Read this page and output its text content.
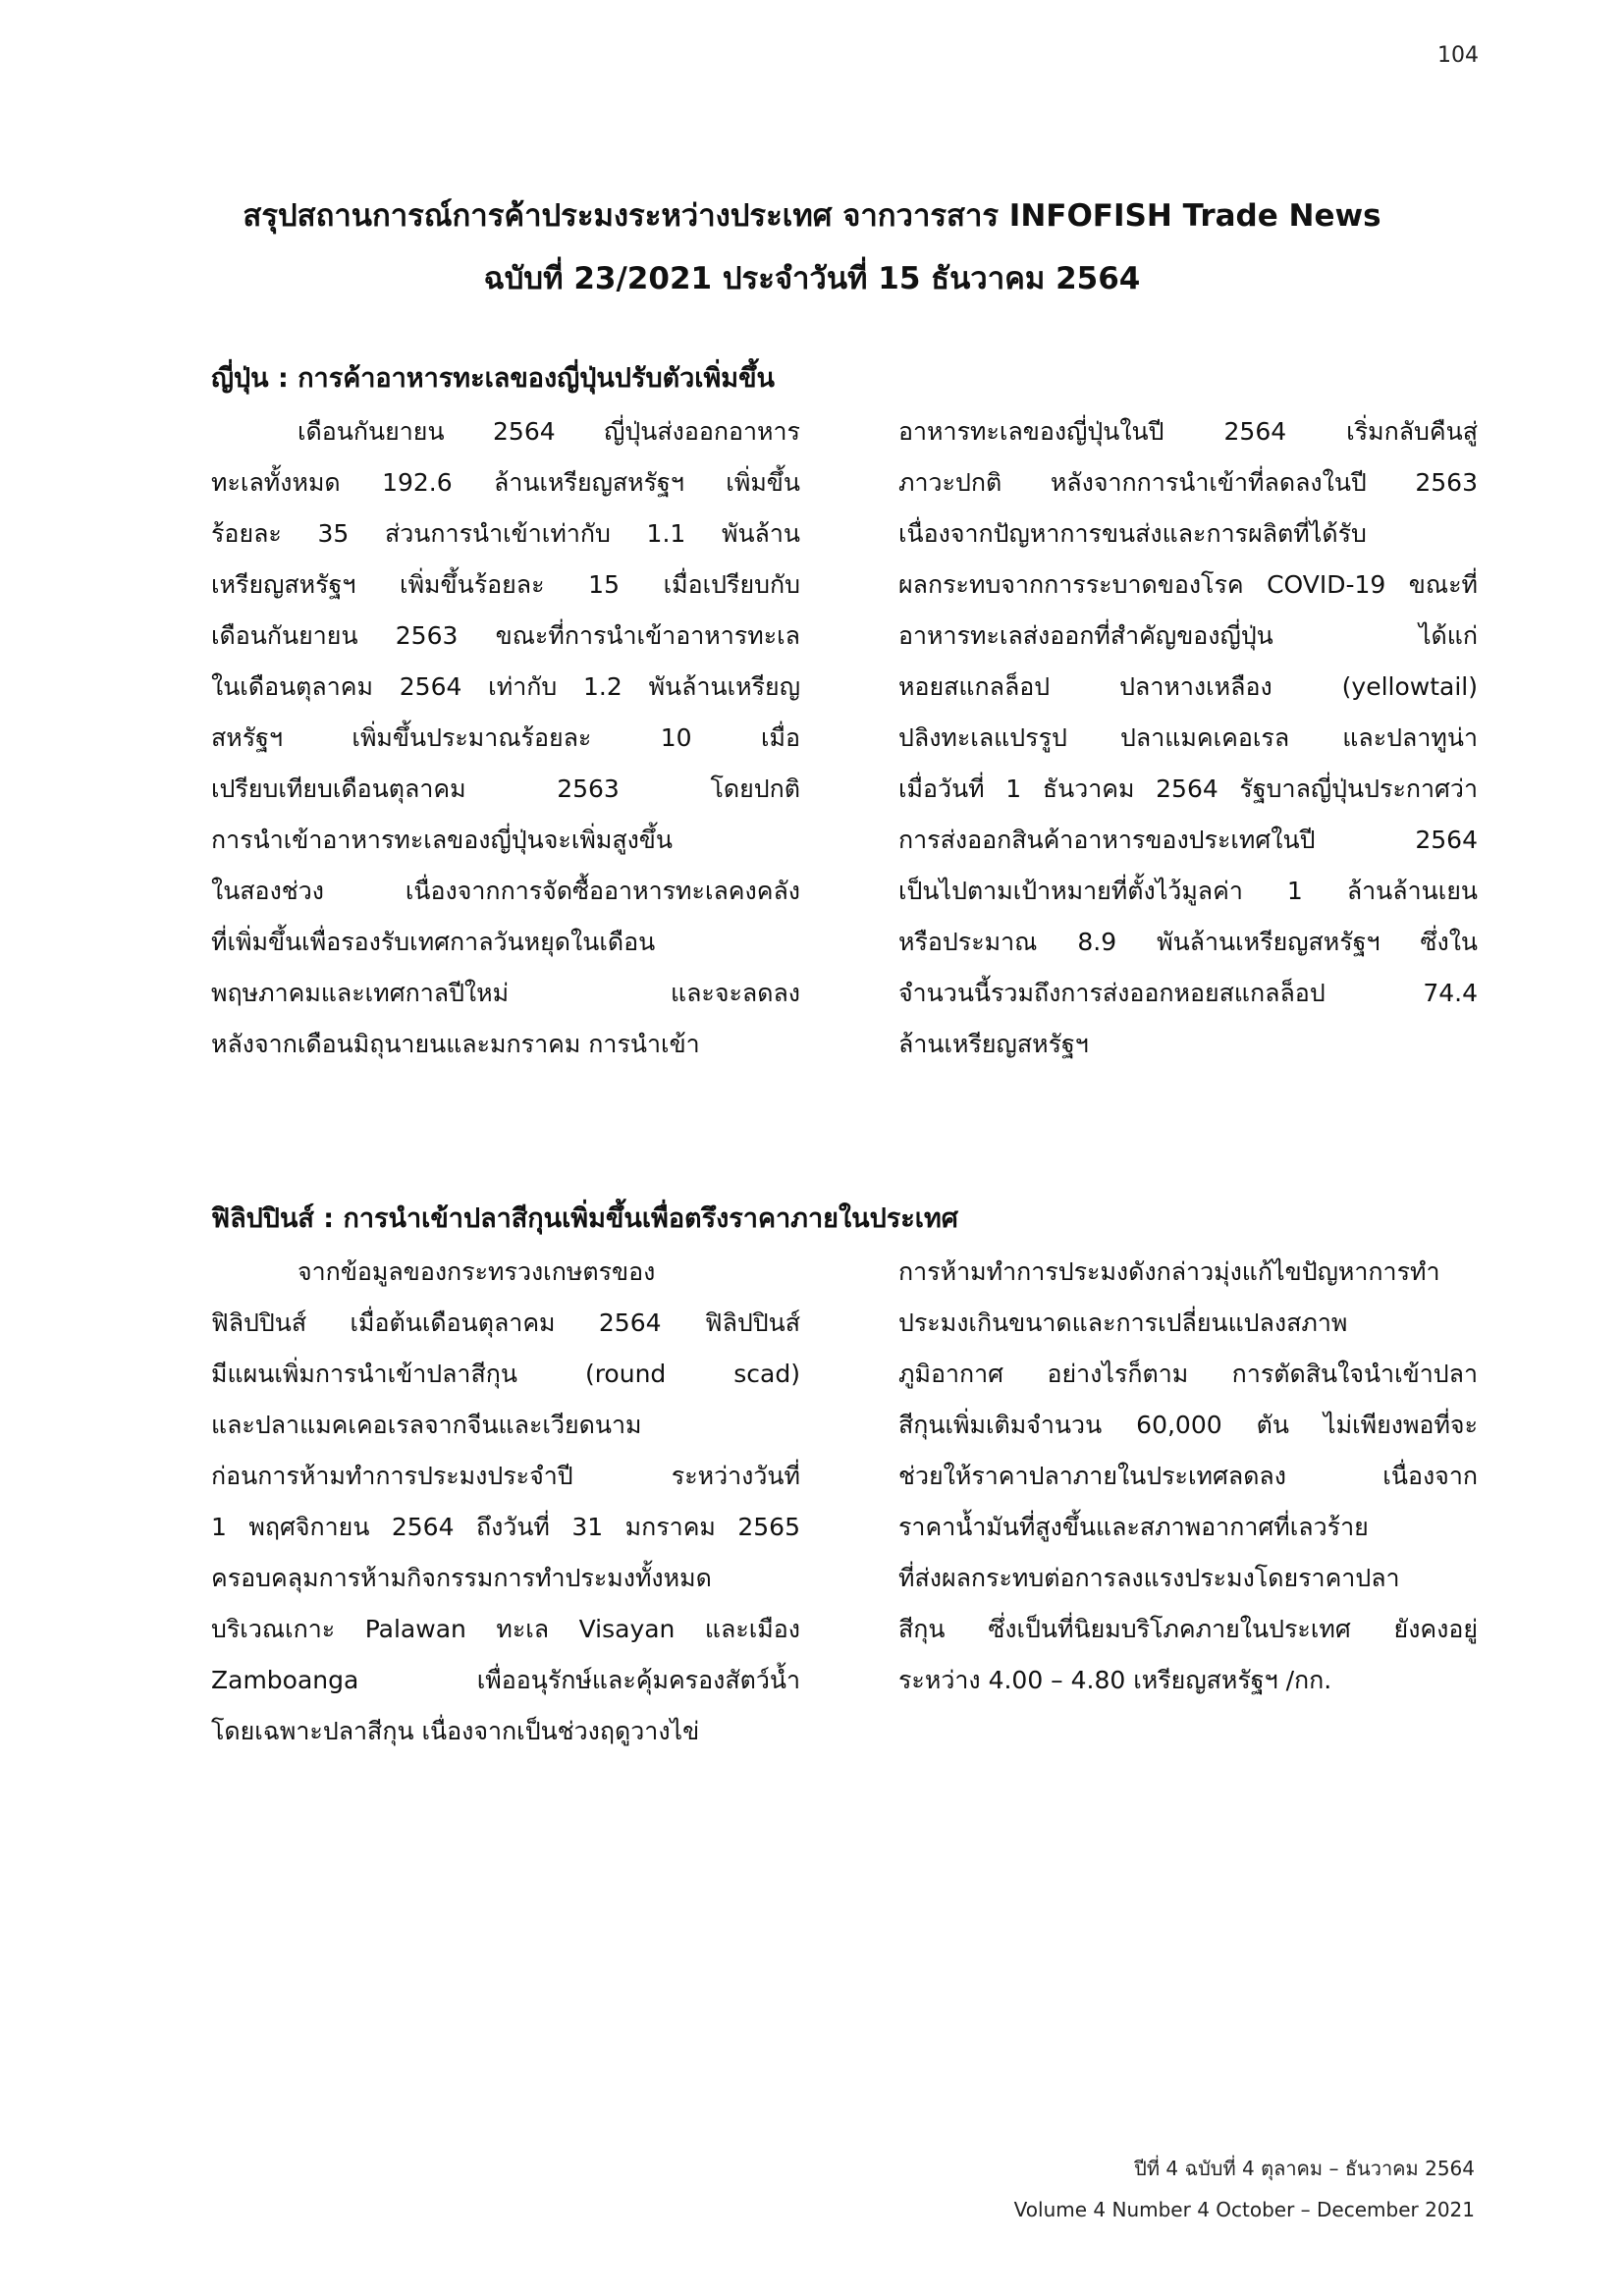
104
สรุปสถานการณ์การค้าประมงระหว่างประเทศ จากวารสาร INFOFISH Trade News
ฉบับที่ 23/2021 ประจำวันที่ 15 ธันวาคม 2564
ญี่ปุ่น : การค้าอาหารทะเลของญี่ปุ่นปรับตัวเพิ่มขึ้น
เดือนกันยายน 2564 ญี่ปุ่นส่งออกอาหาร
ทะเลทั้งหมด 192.6 ล้านเหรียญสหรัฐฯ เพิ่มขึ้น
ร้อยละ 35 ส่วนการนำเข้าเท่ากับ 1.1 พันล้าน
เหรียญสหรัฐฯ เพิ่มขึ้นร้อยละ 15 เมื่อเปรียบกับ
เดือนกันยายน 2563 ขณะที่การนำเข้าอาหารทะเล
ในเดือนตุลาคม 2564 เท่ากับ 1.2 พันล้านเหรียญ
สหรัฐฯ เพิ่มขึ้นประมาณร้อยละ 10 เมื่อ
เปรียบเทียบเดือนตุลาคม 2563 โดยปกติ
การนำเข้าอาหารทะเลของญี่ปุ่นจะเพิ่มสูงขึ้น
ในสองช่วง เนื่องจากการจัดซื้ออาหารทะเลคงคลัง
ที่เพิ่มขึ้นเพื่อรองรับเทศกาลวันหยุดในเดือน
พฤษภาคมและเทศกาลปีใหม่ และจะลดลง
หลังจากเดือนมิถุนายนและมกราคม การนำเข้า
อาหารทะเลของญี่ปุ่นในปี 2564 เริ่มกลับคืนสู่
ภาวะปกติ หลังจากการนำเข้าที่ลดลงในปี 2563
เนื่องจากปัญหาการขนส่งและการผลิตที่ได้รับ
ผลกระทบจากการระบาดของโรค COVID-19 ขณะที่
อาหารทะเลส่งออกที่สำคัญของญี่ปุ่น ได้แก่
หอยสแกลล็อป ปลาหางเหลือง (yellowtail)
ปลิงทะเลแปรรูป ปลาแมคเคอเรล และปลาทูน่า
เมื่อวันที่ 1 ธันวาคม 2564 รัฐบาลญี่ปุ่นประกาศว่า
การส่งออกสินค้าอาหารของประเทศในปี 2564
เป็นไปตามเป้าหมายที่ตั้งไว้มูลค่า 1 ล้านล้านเยน
หรือประมาณ 8.9 พันล้านเหรียญสหรัฐฯ ซึ่งใน
จำนวนนี้รวมถึงการส่งออกหอยสแกลล็อป 74.4
ล้านเหรียญสหรัฐฯ
ฟิลิปปินส์ : การนำเข้าปลาสีกุนเพิ่มขึ้นเพื่อตรึงราคาภายในประเทศ
จากข้อมูลของกระทรวงเกษตรของ
ฟิลิปปินส์ เมื่อต้นเดือนตุลาคม 2564 ฟิลิปปินส์
มีแผนเพิ่มการนำเข้าปลาสีกุน (round scad)
และปลาแมคเคอเรลจากจีนและเวียดนาม
ก่อนการห้ามทำการประมงประจำปี ระหว่างวันที่
1 พฤศจิกายน 2564 ถึงวันที่ 31 มกราคม 2565
ครอบคลุมการห้ามกิจกรรมการทำประมงทั้งหมด
บริเวณเกาะ Palawan ทะเล Visayan และเมือง
Zamboanga เพื่ออนุรักษ์และคุ้มครองสัตว์น้ำ
โดยเฉพาะปลาสีกุน เนื่องจากเป็นช่วงฤดูวางไข่
การห้ามทำการประมงดังกล่าวมุ่งแก้ไขปัญหาการทำ
ประมงเกินขนาดและการเปลี่ยนแปลงสภาพ
ภูมิอากาศ อย่างไรก็ตาม การตัดสินใจนำเข้าปลา
สีกุนเพิ่มเติมจำนวน 60,000 ตัน ไม่เพียงพอที่จะ
ช่วยให้ราคาปลาภายในประเทศลดลง เนื่องจาก
ราคาน้ำมันที่สูงขึ้นและสภาพอากาศที่เลวร้าย
ที่ส่งผลกระทบต่อการลงแรงประมงโดยราคาปลา
สีกุน ซึ่งเป็นที่นิยมบริโภคภายในประเทศ ยังคงอยู่
ระหว่าง 4.00 – 4.80 เหรียญสหรัฐฯ /กก.
ปีที่ 4 ฉบับที่ 4 ตุลาคม – ธันวาคม 2564
Volume 4 Number 4 October – December 2021
